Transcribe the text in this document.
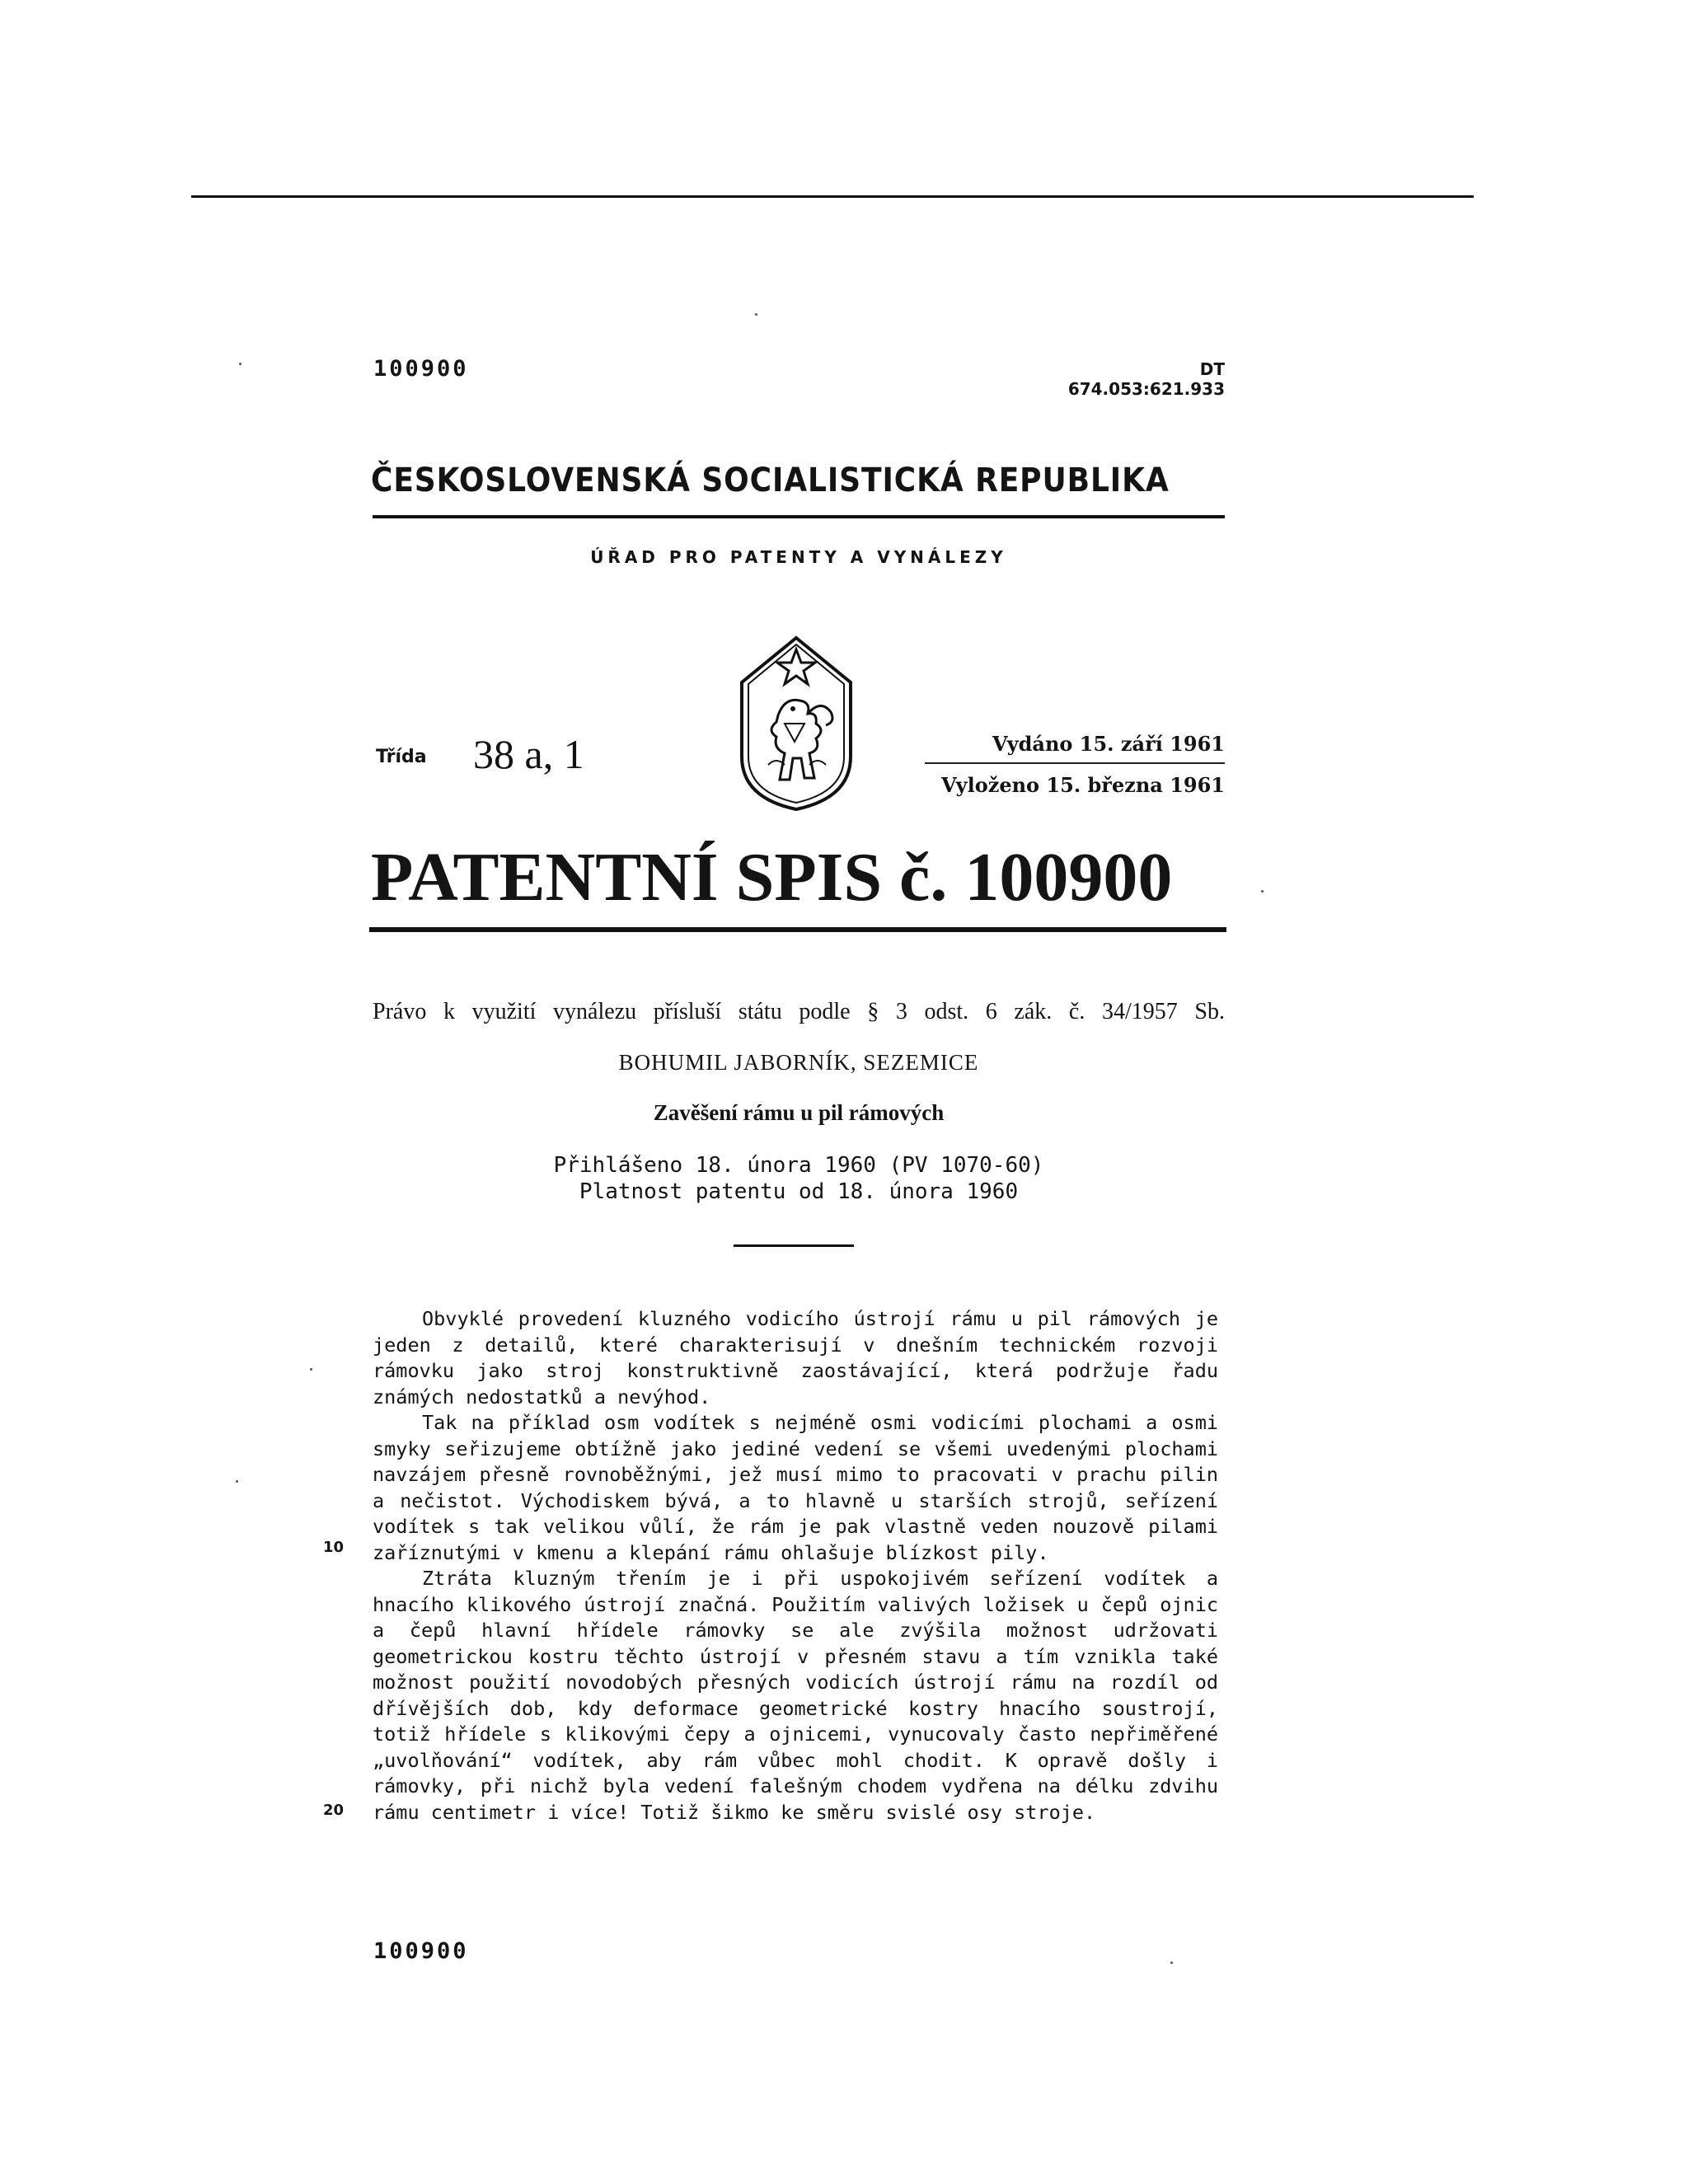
100900	DT 674.053:621.933
ČESKOSLOVENSKÁ SOCIALISTICKÁ REPUBLIKA
ÚŘAD PRO PATENTY A VYNÁLEZY
Třída 38 a, 1	Vydáno 15. září 1961
Vyloženo 15. března 1961
PATENTNÍ SPIS č. 100900
Právo k využití vynálezu přísluší státu podle § 3 odst. 6 zák. č. 34/1957 Sb.
BOHUMIL JABORNÍK, SEZEMICE
Zavěšení rámu u pil rámových
Přihlášeno 18. února 1960 (PV 1070-60)
Platnost patentu od 18. února 1960

Obvyklé provedení kluzného vodicího ústrojí rámu u pil rámových je jeden z detailů, které charakterisují v dnešním technickém rozvoji rámovku jako stroj konstruktivně zaostávající, která podržuje řadu známých nedostatků a nevýhod.

Tak na příklad osm vodítek s nejméně osmi vodicími plochami a osmi smyky seřizujeme obtížně jako jediné vedení se všemi uvedenými plochami navzájem přesně rovnoběžnými, jež musí mimo to pracovati v prachu pilin a nečistot. Východiskem bývá, a to hlavně u starších strojů, seřízení vodítek s tak velikou vůlí, že rám je pak vlastně veden nouzově pilami zaříznutými v kmenu a klepání rámu ohlašuje blízkost pily.

Ztráta kluzným třením je i při uspokojivém seřízení vodítek a hnacího klikového ústrojí značná. Použitím valivých ložisek u čepů ojnic a čepů hlavní hřídele rámovky se ale zvýšila možnost udržovati geometrickou kostru těchto ústrojí v přesném stavu a tím vznikla také možnost použití novodobých přesných vodicích ústrojí rámu na rozdíl od dřívějších dob, kdy deformace geometrické kostry hnacího soustrojí, totiž hřídele s klikovými čepy a ojnicemi, vynucovaly často nepřiměřené „uvolňování“ vodítek, aby rám vůbec mohl chodit. K opravě došly i rámovky, při nichž byla vedení falešným chodem vydřena na délku zdvihu rámu centimetr i více! Totiž šikmo ke směru svislé osy stroje.

10
20
100900
